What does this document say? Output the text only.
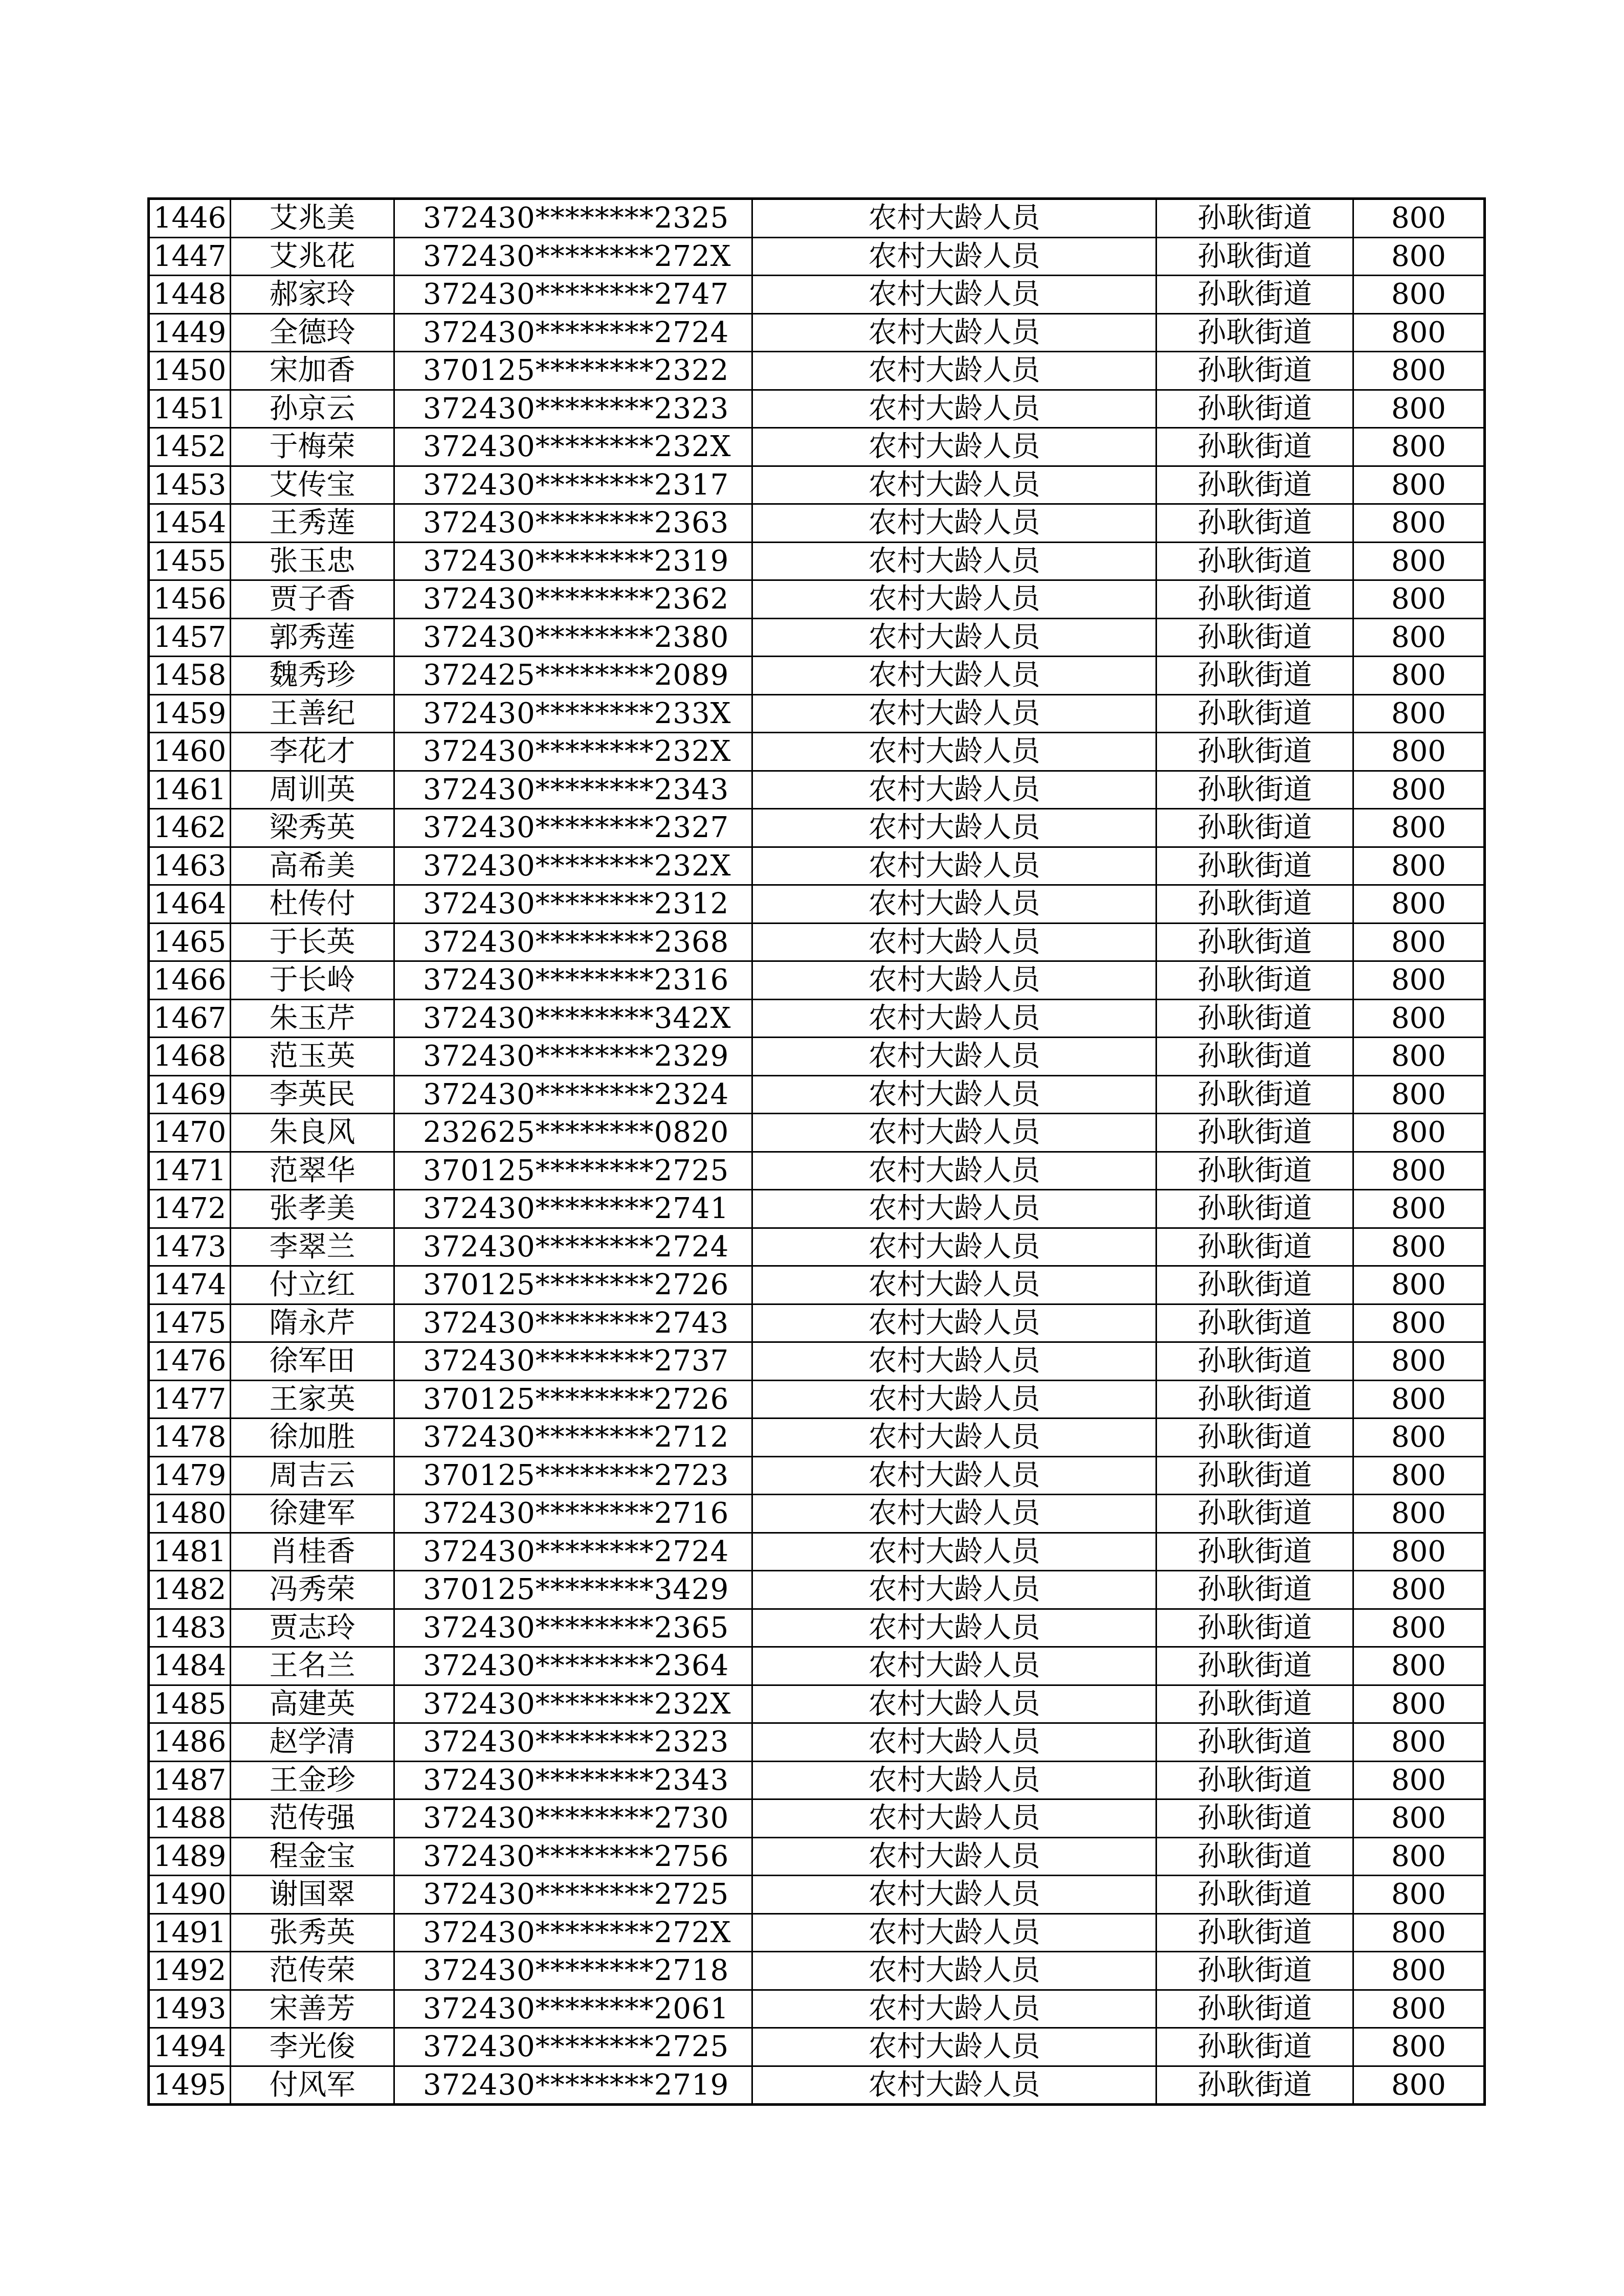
1446	艾兆美	372430********2325	农村大龄人员	孙耿街道	800
1447	艾兆花	372430********272X	农村大龄人员	孙耿街道	800
1448	郝家玲	372430********2747	农村大龄人员	孙耿街道	800
1449	全德玲	372430********2724	农村大龄人员	孙耿街道	800
1450	宋加香	370125********2322	农村大龄人员	孙耿街道	800
1451	孙京云	372430********2323	农村大龄人员	孙耿街道	800
1452	于梅荣	372430********232X	农村大龄人员	孙耿街道	800
1453	艾传宝	372430********2317	农村大龄人员	孙耿街道	800
1454	王秀莲	372430********2363	农村大龄人员	孙耿街道	800
1455	张玉忠	372430********2319	农村大龄人员	孙耿街道	800
1456	贾子香	372430********2362	农村大龄人员	孙耿街道	800
1457	郭秀莲	372430********2380	农村大龄人员	孙耿街道	800
1458	魏秀珍	372425********2089	农村大龄人员	孙耿街道	800
1459	王善纪	372430********233X	农村大龄人员	孙耿街道	800
1460	李花才	372430********232X	农村大龄人员	孙耿街道	800
1461	周训英	372430********2343	农村大龄人员	孙耿街道	800
1462	梁秀英	372430********2327	农村大龄人员	孙耿街道	800
1463	高希美	372430********232X	农村大龄人员	孙耿街道	800
1464	杜传付	372430********2312	农村大龄人员	孙耿街道	800
1465	于长英	372430********2368	农村大龄人员	孙耿街道	800
1466	于长岭	372430********2316	农村大龄人员	孙耿街道	800
1467	朱玉芹	372430********342X	农村大龄人员	孙耿街道	800
1468	范玉英	372430********2329	农村大龄人员	孙耿街道	800
1469	李英民	372430********2324	农村大龄人员	孙耿街道	800
1470	朱良风	232625********0820	农村大龄人员	孙耿街道	800
1471	范翠华	370125********2725	农村大龄人员	孙耿街道	800
1472	张孝美	372430********2741	农村大龄人员	孙耿街道	800
1473	李翠兰	372430********2724	农村大龄人员	孙耿街道	800
1474	付立红	370125********2726	农村大龄人员	孙耿街道	800
1475	隋永芹	372430********2743	农村大龄人员	孙耿街道	800
1476	徐军田	372430********2737	农村大龄人员	孙耿街道	800
1477	王家英	370125********2726	农村大龄人员	孙耿街道	800
1478	徐加胜	372430********2712	农村大龄人员	孙耿街道	800
1479	周吉云	370125********2723	农村大龄人员	孙耿街道	800
1480	徐建军	372430********2716	农村大龄人员	孙耿街道	800
1481	肖桂香	372430********2724	农村大龄人员	孙耿街道	800
1482	冯秀荣	370125********3429	农村大龄人员	孙耿街道	800
1483	贾志玲	372430********2365	农村大龄人员	孙耿街道	800
1484	王名兰	372430********2364	农村大龄人员	孙耿街道	800
1485	高建英	372430********232X	农村大龄人员	孙耿街道	800
1486	赵学清	372430********2323	农村大龄人员	孙耿街道	800
1487	王金珍	372430********2343	农村大龄人员	孙耿街道	800
1488	范传强	372430********2730	农村大龄人员	孙耿街道	800
1489	程金宝	372430********2756	农村大龄人员	孙耿街道	800
1490	谢国翠	372430********2725	农村大龄人员	孙耿街道	800
1491	张秀英	372430********272X	农村大龄人员	孙耿街道	800
1492	范传荣	372430********2718	农村大龄人员	孙耿街道	800
1493	宋善芳	372430********2061	农村大龄人员	孙耿街道	800
1494	李光俊	372430********2725	农村大龄人员	孙耿街道	800
1495	付风军	372430********2719	农村大龄人员	孙耿街道	800
